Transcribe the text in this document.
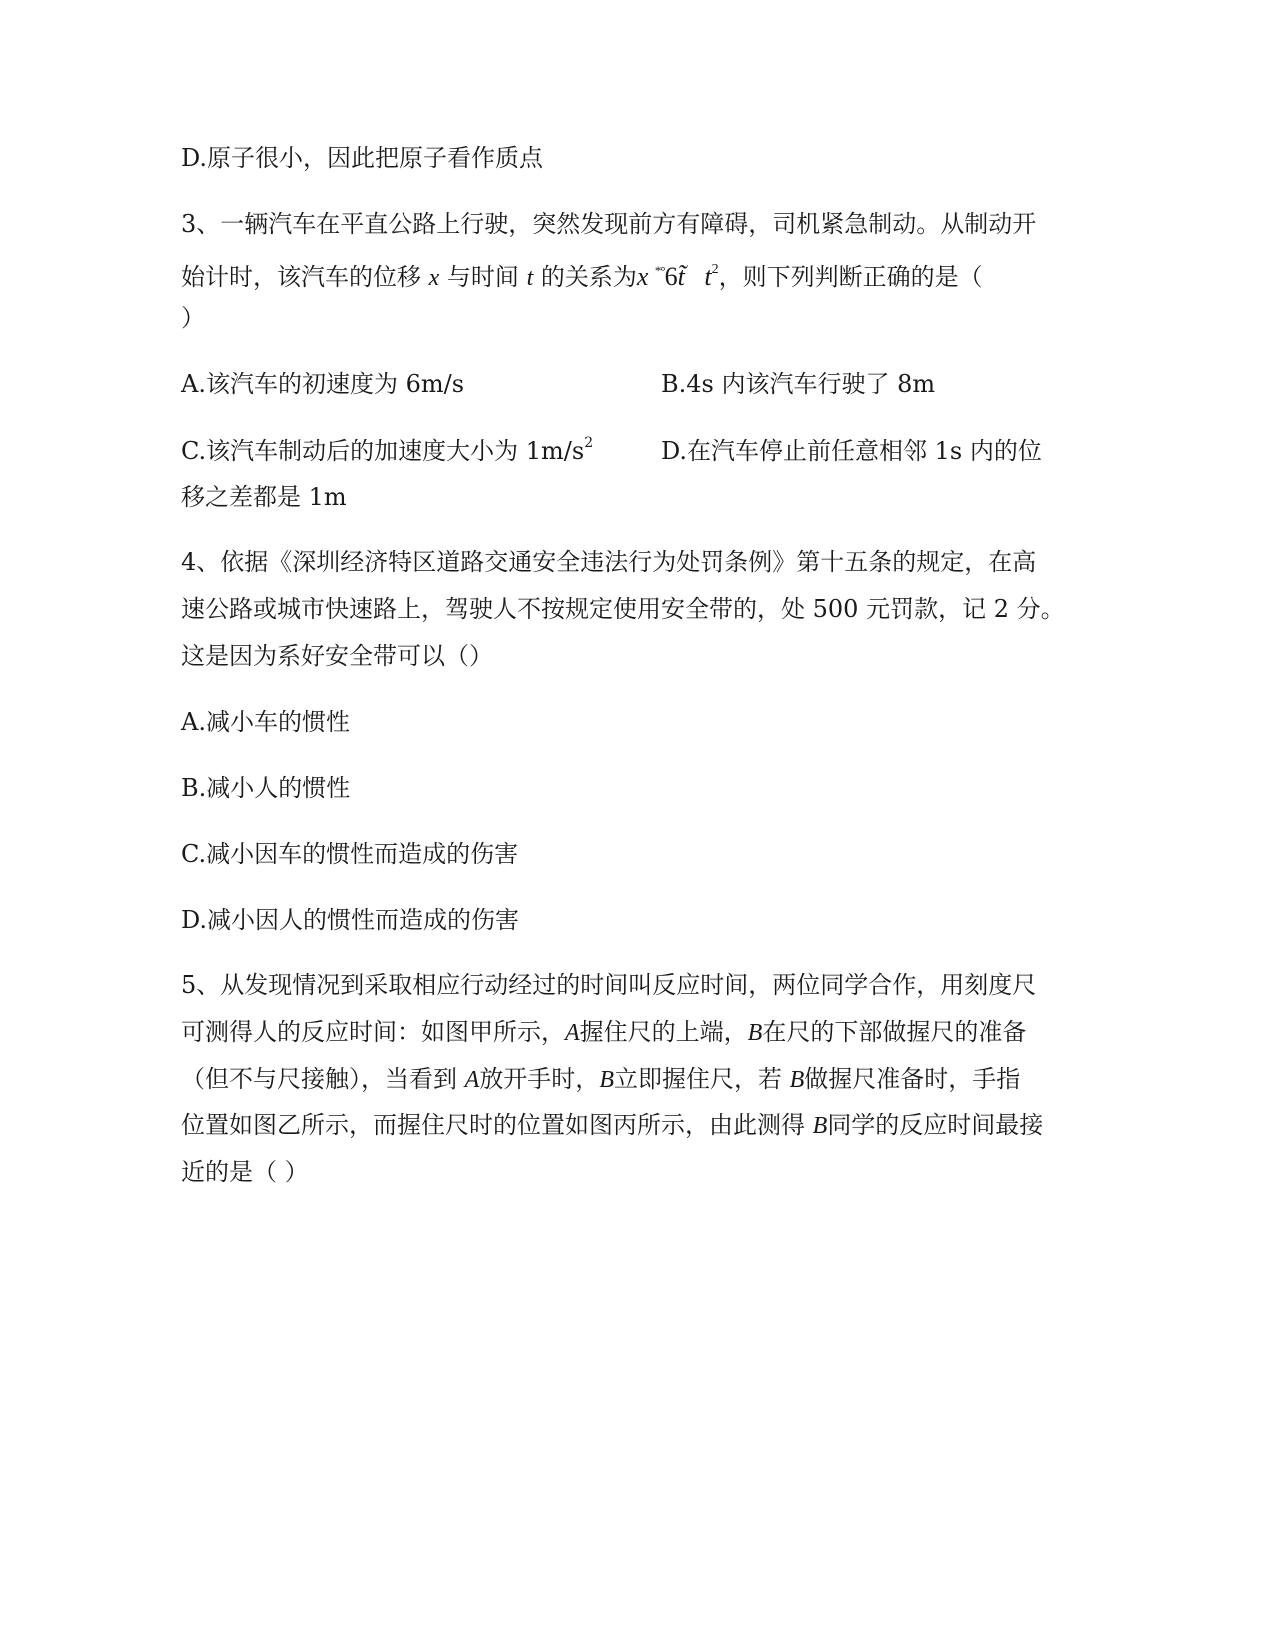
D.原子很小，因此把原子看作质点
3、一辆汽车在平直公路上行驶，突然发现前方有障碍，司机紧急制动。从制动开
始计时，该汽车的位移 x 与时间 t 的关系为x *°6t̃ $t^2$，则下列判断正确的是（
）
A.该汽车的初速度为 6m/s	B.4s 内该汽车行驶了 8m
C.该汽车制动后的加速度大小为 $1m/s^2$	D.在汽车停止前任意相邻 1s 内的位
移之差都是 1m
4、依据《深圳经济特区道路交通安全违法行为处罚条例》第十五条的规定，在高
速公路或城市快速路上，驾驶人不按规定使用安全带的，处 500 元罚款，记 2 分。
这是因为系好安全带可以（）
A.减小车的惯性
B.减小人的惯性
C.减小因车的惯性而造成的伤害
D.减小因人的惯性而造成的伤害
5、从发现情况到采取相应行动经过的时间叫反应时间，两位同学合作，用刻度尺
可测得人的反应时间：如图甲所示，A握住尺的上端，B在尺的下部做握尺的准备
（但不与尺接触），当看到 A放开手时，B立即握住尺，若 B做握尺准备时，手指
位置如图乙所示，而握住尺时的位置如图丙所示，由此测得 B同学的反应时间最接
近的是（ ）
